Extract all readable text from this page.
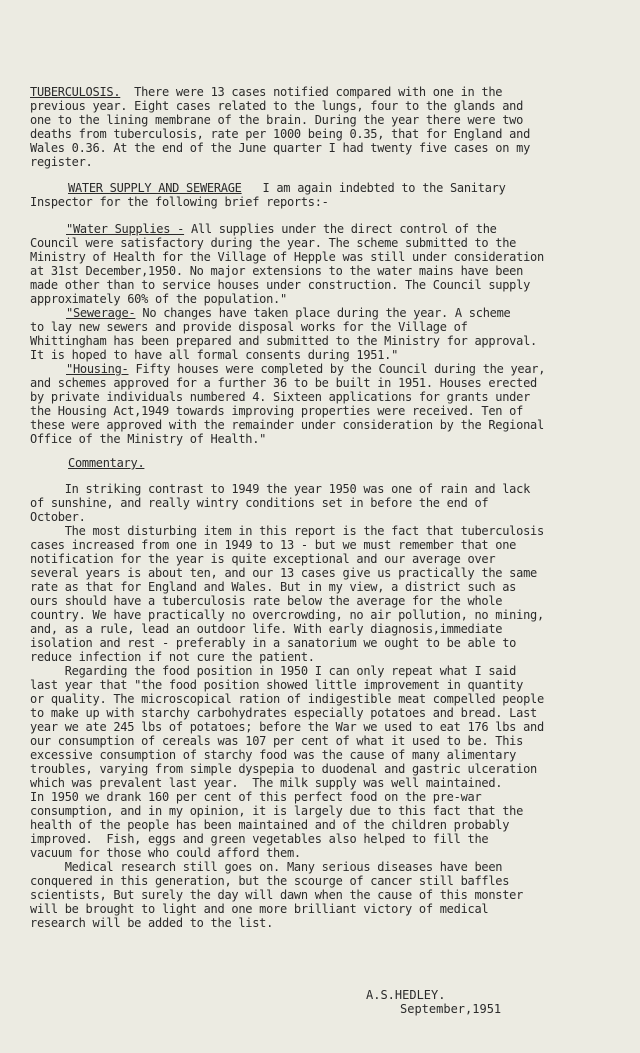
TUBERCULOSIS. There were 13 cases notified compared with one in the
previous year. Eight cases related to the lungs, four to the glands and
one to the lining membrane of the brain. During the year there were two
deaths from tuberculosis, rate per 1000 being 0.35, that for England and
Wales 0.36. At the end of the June quarter I had twenty five cases on my
register.
WATER SUPPLY AND SEWERAGE I am again indebted to the Sanitary
Inspector for the following brief reports:-
"Water Supplies - All supplies under the direct control of the
Council were satisfactory during the year. The scheme submitted to the
Ministry of Health for the Village of Hepple was still under consideration
at 31st December,1950. No major extensions to the water mains have been
made other than to service houses under construction. The Council supply
approximately 60% of the population."
"Sewerage- No changes have taken place during the year. A scheme
to lay new sewers and provide disposal works for the Village of
Whittingham has been prepared and submitted to the Ministry for approval.
It is hoped to have all formal consents during 1951."
"Housing- Fifty houses were completed by the Council during the year,
and schemes approved for a further 36 to be built in 1951. Houses erected
by private individuals numbered 4. Sixteen applications for grants under
the Housing Act,1949 towards improving properties were received. Ten of
these were approved with the remainder under consideration by the Regional
Office of the Ministry of Health."
Commentary.
In striking contrast to 1949 the year 1950 was one of rain and lack
of sunshine, and really wintry conditions set in before the end of
October.
The most disturbing item in this report is the fact that tuberculosis
cases increased from one in 1949 to 13 - but we must remember that one
notification for the year is quite exceptional and our average over
several years is about ten, and our 13 cases give us practically the same
rate as that for England and Wales. But in my view, a district such as
ours should have a tuberculosis rate below the average for the whole
country. We have practically no overcrowding, no air pollution, no mining,
and, as a rule, lead an outdoor life. With early diagnosis,immediate
isolation and rest - preferably in a sanatorium we ought to be able to
reduce infection if not cure the patient.
Regarding the food position in 1950 I can only repeat what I said
last year that "the food position showed little improvement in quantity
or quality. The microscopical ration of indigestible meat compelled people
to make up with starchy carbohydrates especially potatoes and bread. Last
year we ate 245 lbs of potatoes; before the War we used to eat 176 lbs and
our consumption of cereals was 107 per cent of what it used to be. This
excessive consumption of starchy food was the cause of many alimentary
troubles, varying from simple dyspepia to duodenal and gastric ulceration
which was prevalent last year.  The milk supply was well maintained.
In 1950 we drank 160 per cent of this perfect food on the pre-war
consumption, and in my opinion, it is largely due to this fact that the
health of the people has been maintained and of the children probably
improved.  Fish, eggs and green vegetables also helped to fill the
vacuum for those who could afford them.
Medical research still goes on. Many serious diseases have been
conquered in this generation, but the scourge of cancer still baffles
scientists, But surely the day will dawn when the cause of this monster
will be brought to light and one more brilliant victory of medical
research will be added to the list.
A.S.HEDLEY.
September,1951
